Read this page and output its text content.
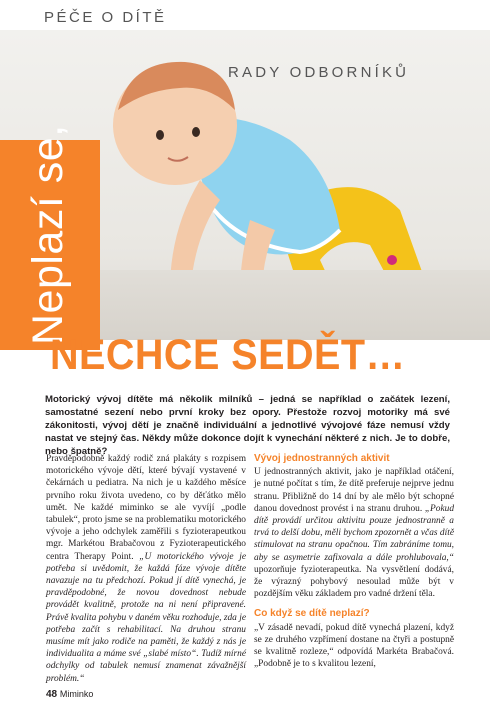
PÉČE O DÍTĚ
RADY ODBORNÍKŮ
Neplazí se,
NECHCE SEDĚT…
Motorický vývoj dítěte má několik milníků – jedná se například o začátek lezení, samostatné sezení nebo první kroky bez opory. Přestože rozvoj motoriky má své zákonitosti, vývoj dětí je značně individuální a jednotlivé vývojové fáze nemusí vždy nastat ve stejný čas. Někdy může dokonce dojít k vynechání některé z nich. Je to dobře, nebo špatně?

Pravděpodobně každý rodič zná plakáty s rozpisem motorického vývoje dětí, které bývají vystavené v čekárnách u pediatra. Na nich je u každého měsíce prvního roku života uvedeno, co by děťátko mělo umět. Ne každé miminko se ale vyvíjí „podle tabulek“, proto jsme se na problematiku motorického vývoje a jeho odchylek zaměřili s fyzioterapeutkou mgr. Markétou Brabačovou z Fyzioterapeutického centra Therapy Point. „U motorického vývoje je potřeba si uvědomit, že každá fáze vývoje dítěte navazuje na tu předchozí. Pokud jí dítě vynechá, je pravděpodobné, že novou dovednost nebude provádět kvalitně, protože na ni není připravené. Právě kvalita pohybu v daném věku rozhoduje, zda je potřeba začít s rehabilitací. Na druhou stranu musíme mít jako rodiče na paměti, že každý z nás je individualita a máme své „slabé místo“. Tudíž mírné odchylky od tabulek nemusí znamenat závažnější problém.“

Vývoj jednostranných aktivit

U jednostranných aktivit, jako je například otáčení, je nutné počítat s tím, že dítě preferuje nejprve jednu stranu. Přibližně do 14 dní by ale mělo být schopné danou dovednost provést i na stranu druhou. „Pokud dítě provádí určitou aktivitu pouze jednostranně a trvá to delší dobu, měli bychom zpozornět a včas dítě stimulovat na stranu opačnou. Tím zabráníme tomu, aby se asymetrie zafixovala a dále prohlubovala,“ upozorňuje fyzioterapeutka. Na vysvětlení dodává, že výrazný pohybový nesoulad může být v pozdějším věku základem pro vadné držení těla.

Co když se dítě neplazí?

„V zásadě nevadí, pokud dítě vynechá plazení, když se ze druhého vzpřímení dostane na čtyři a postupně se kvalitně rozleze,“ odpovídá Markéta Brabačová. „Podobně je to s kvalitou lezení,

48 Miminko
